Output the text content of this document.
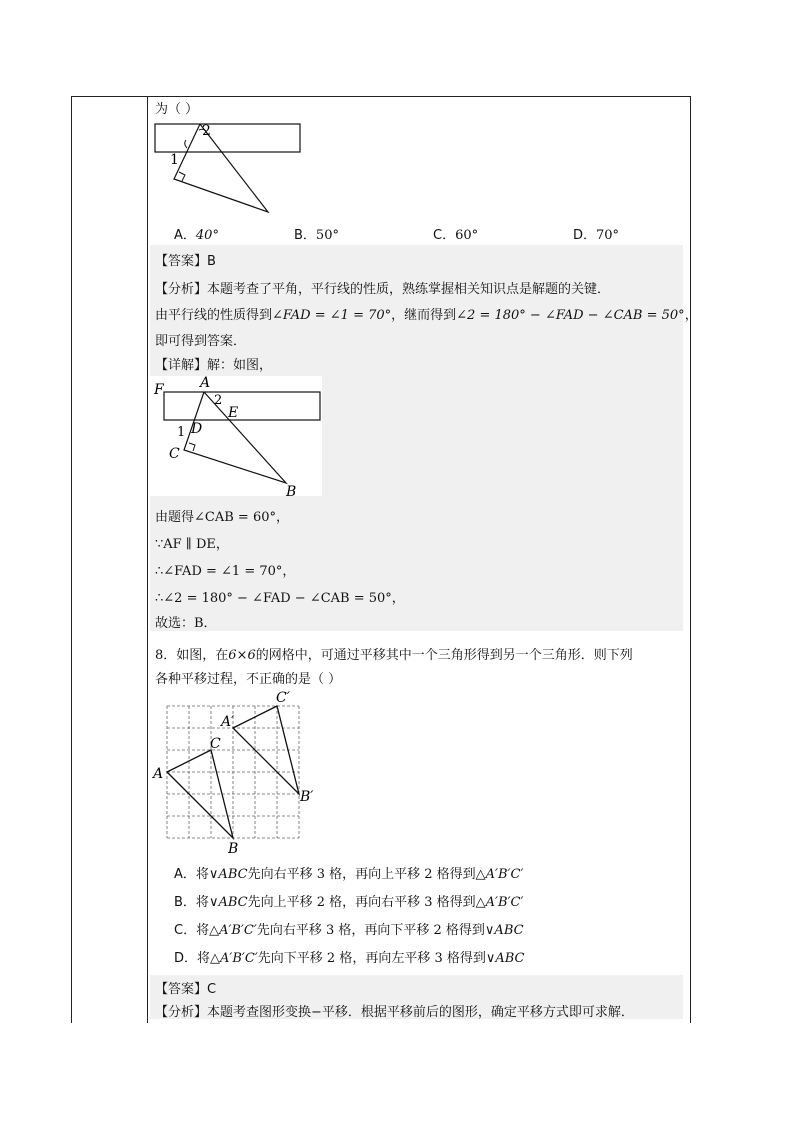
为（ ）
1
2
A．40°	B．50°	C．60°	D．70°
【答案】B
【分析】本题考查了平角，平行线的性质，熟练掌握相关知识点是解题的关键．
由平行线的性质得到∠FAD = ∠1 = 70°，继而得到∠2 = 180° − ∠FAD − ∠CAB = 50°，
即可得到答案．
【详解】解：如图，
F	A
2
E
1 D
C
B
由题得∠CAB = 60°，
∵AF ∥ DE，
∴∠FAD = ∠1 = 70°，
∴∠2 = 180° − ∠FAD − ∠CAB = 50°，
故选：B．
8．如图，在6×6的网格中，可通过平移其中一个三角形得到另一个三角形．则下列
各种平移过程，不正确的是（ ）
A
C
B
A′
C′
B′
A．将∨ABC先向右平移 3 格，再向上平移 2 格得到△A′B′C′
B．将∨ABC先向上平移 2 格，再向右平移 3 格得到△A′B′C′
C．将△A′B′C′先向右平移 3 格，再向下平移 2 格得到∨ABC
D．将△A′B′C′先向下平移 2 格，再向左平移 3 格得到∨ABC
【答案】C
【分析】本题考查图形变换−平移．根据平移前后的图形，确定平移方式即可求解．
